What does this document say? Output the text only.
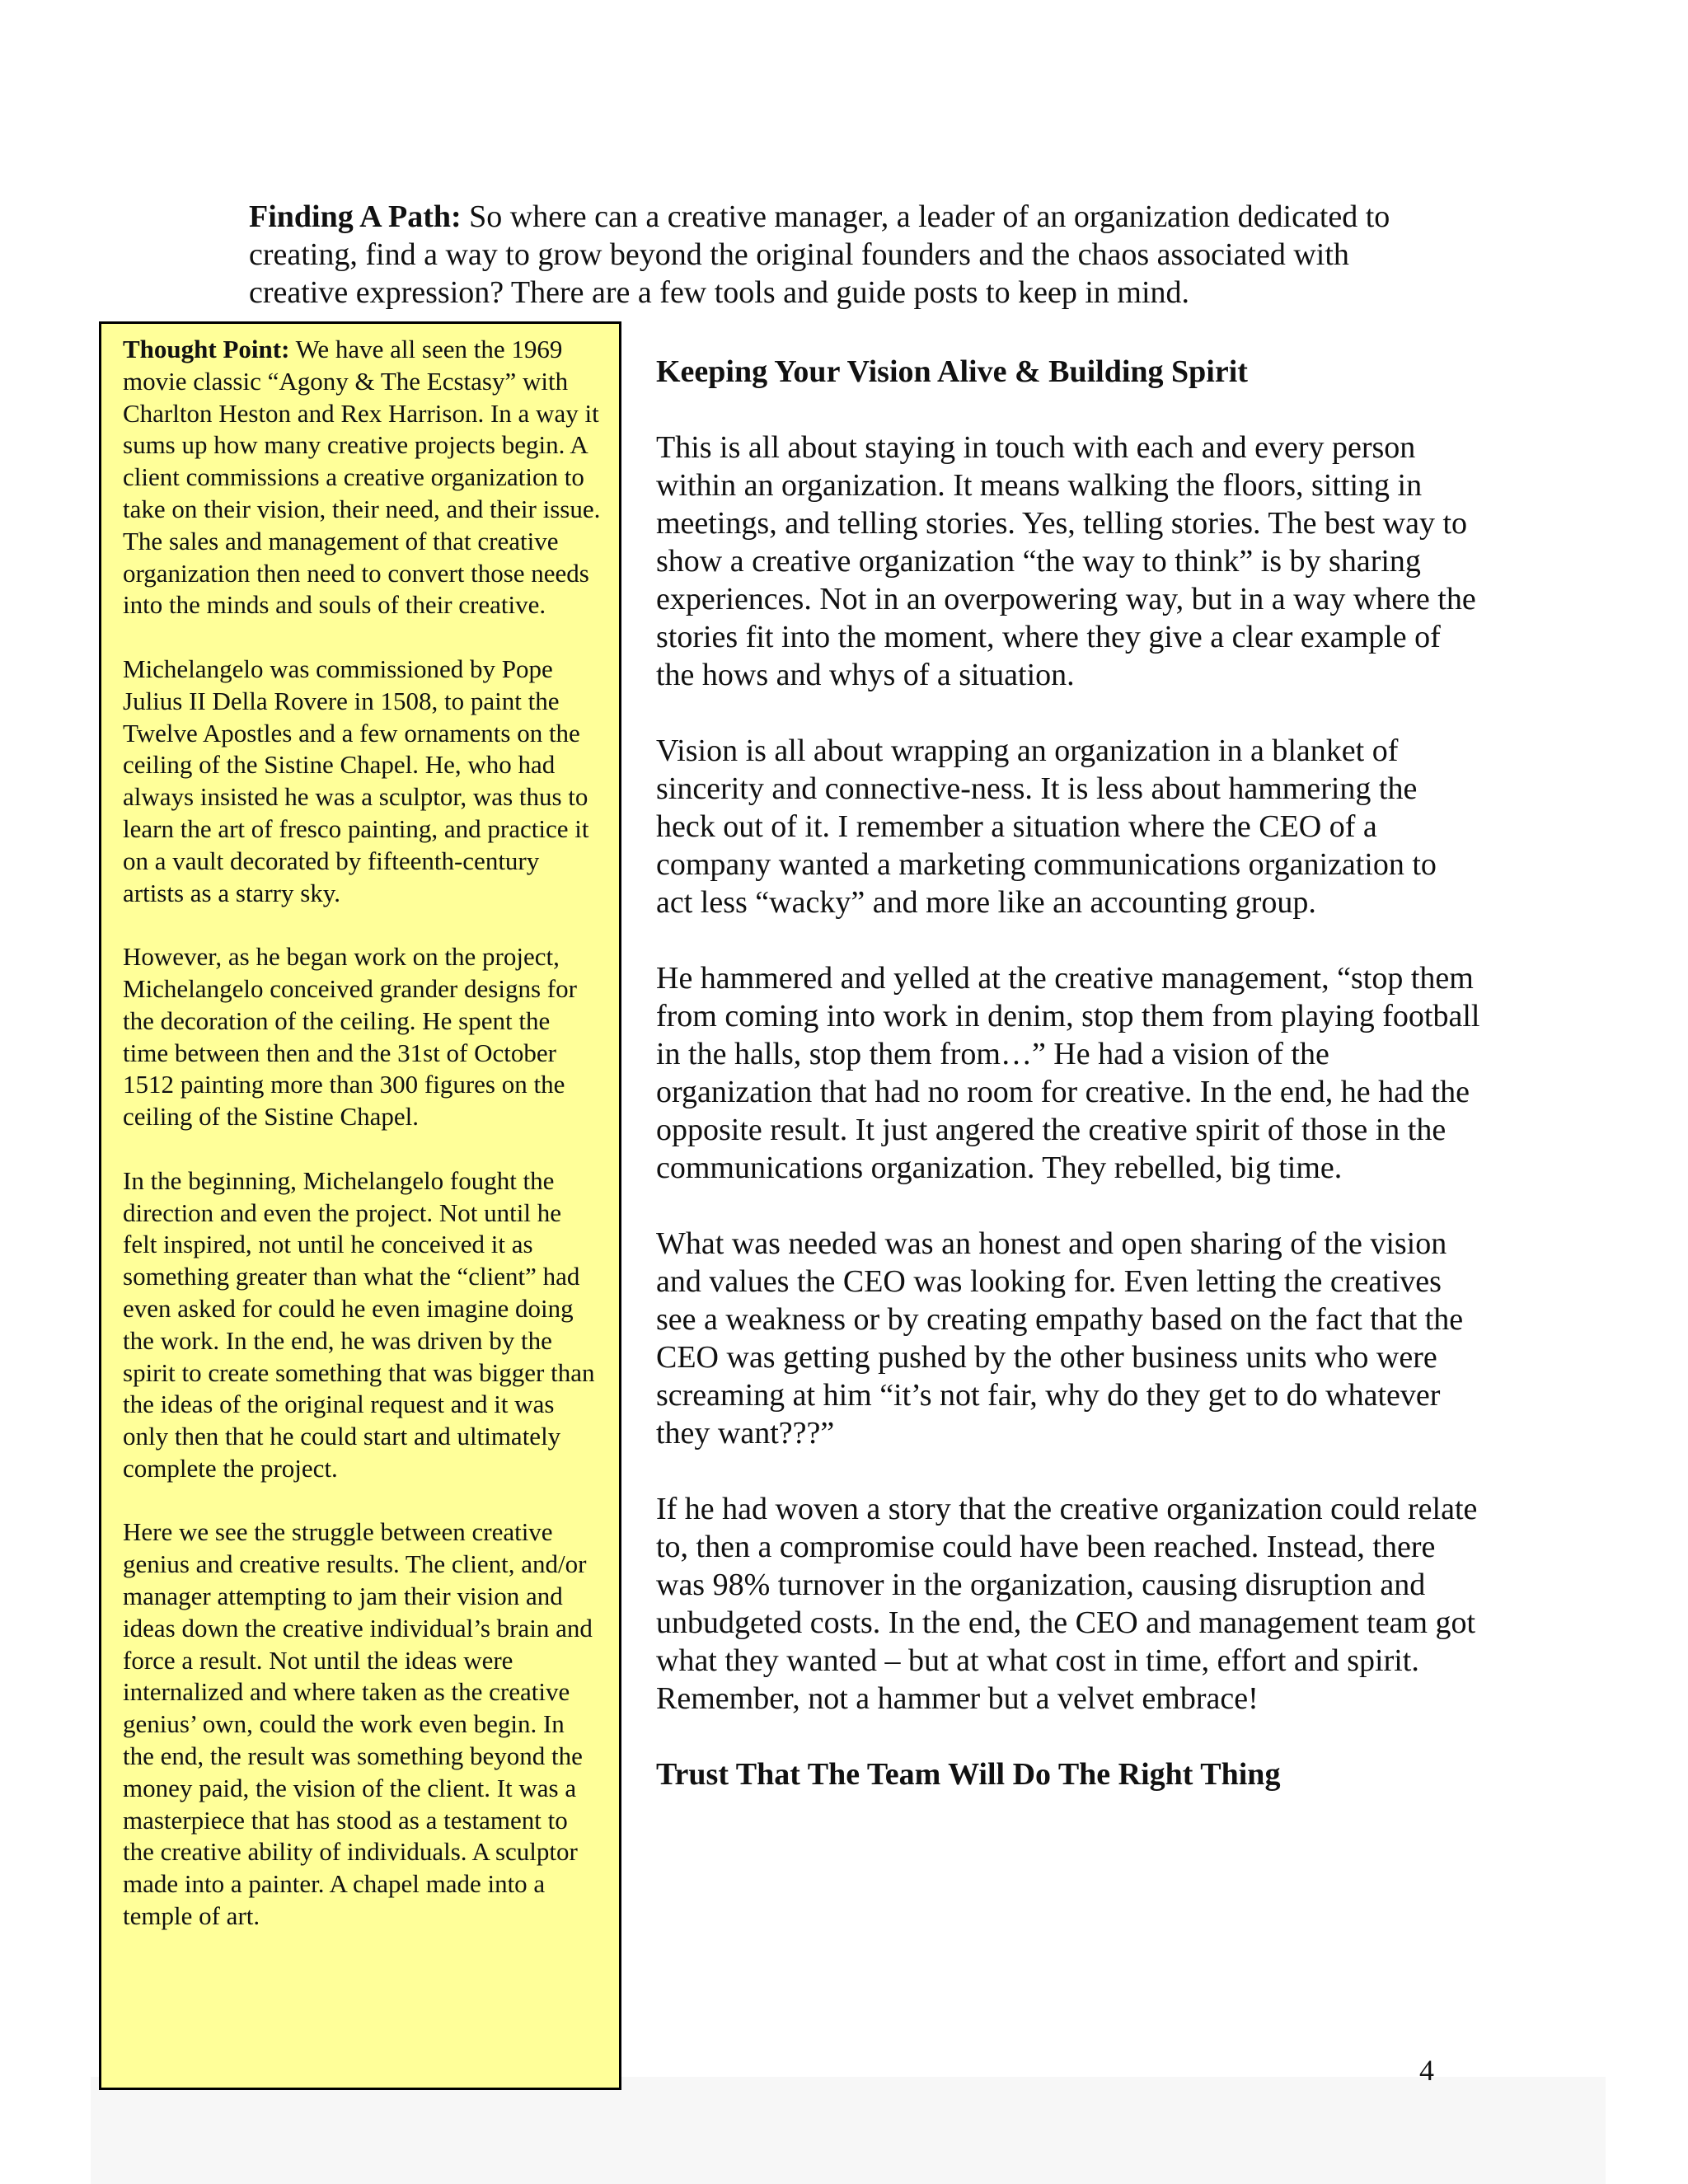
Finding A Path: So where can a creative manager, a leader of an organization dedicated to creating, find a way to grow beyond the original founders and the chaos associated with creative expression? There are a few tools and guide posts to keep in mind.

Thought Point: We have all seen the 1969 movie classic “Agony & The Ecstasy” with Charlton Heston and Rex Harrison. In a way it sums up how many creative projects begin. A client commissions a creative organization to take on their vision, their need, and their issue. The sales and management of that creative organization then need to convert those needs into the minds and souls of their creative.

Michelangelo was commissioned by Pope Julius II Della Rovere in 1508, to paint the Twelve Apostles and a few ornaments on the ceiling of the Sistine Chapel. He, who had always insisted he was a sculptor, was thus to learn the art of fresco painting, and practice it on a vault decorated by fifteenth-century artists as a starry sky.

However, as he began work on the project, Michelangelo conceived grander designs for the decoration of the ceiling. He spent the time between then and the 31st of October 1512 painting more than 300 figures on the ceiling of the Sistine Chapel.

In the beginning, Michelangelo fought the direction and even the project. Not until he felt inspired, not until he conceived it as something greater than what the “client” had even asked for could he even imagine doing the work. In the end, he was driven by the spirit to create something that was bigger than the ideas of the original request and it was only then that he could start and ultimately complete the project.

Here we see the struggle between creative genius and creative results. The client, and/or manager attempting to jam their vision and ideas down the creative individual’s brain and force a result. Not until the ideas were internalized and where taken as the creative genius’ own, could the work even begin. In the end, the result was something beyond the money paid, the vision of the client. It was a masterpiece that has stood as a testament to the creative ability of individuals. A sculptor made into a painter. A chapel made into a temple of art.

Keeping Your Vision Alive & Building Spirit

This is all about staying in touch with each and every person within an organization. It means walking the floors, sitting in meetings, and telling stories. Yes, telling stories. The best way to show a creative organization “the way to think” is by sharing experiences. Not in an overpowering way, but in a way where the stories fit into the moment, where they give a clear example of the hows and whys of a situation.

Vision is all about wrapping an organization in a blanket of sincerity and connective-ness. It is less about hammering the heck out of it. I remember a situation where the CEO of a company wanted a marketing communications organization to act less “wacky” and more like an accounting group.

He hammered and yelled at the creative management, “stop them from coming into work in denim, stop them from playing football in the halls, stop them from…” He had a vision of the organization that had no room for creative. In the end, he had the opposite result. It just angered the creative spirit of those in the communications organization. They rebelled, big time.

What was needed was an honest and open sharing of the vision and values the CEO was looking for. Even letting the creatives see a weakness or by creating empathy based on the fact that the CEO was getting pushed by the other business units who were screaming at him “it’s not fair, why do they get to do whatever they want???”

If he had woven a story that the creative organization could relate to, then a compromise could have been reached. Instead, there was 98% turnover in the organization, causing disruption and unbudgeted costs. In the end, the CEO and management team got what they wanted – but at what cost in time, effort and spirit. Remember, not a hammer but a velvet embrace!

Trust That The Team Will Do The Right Thing
4
